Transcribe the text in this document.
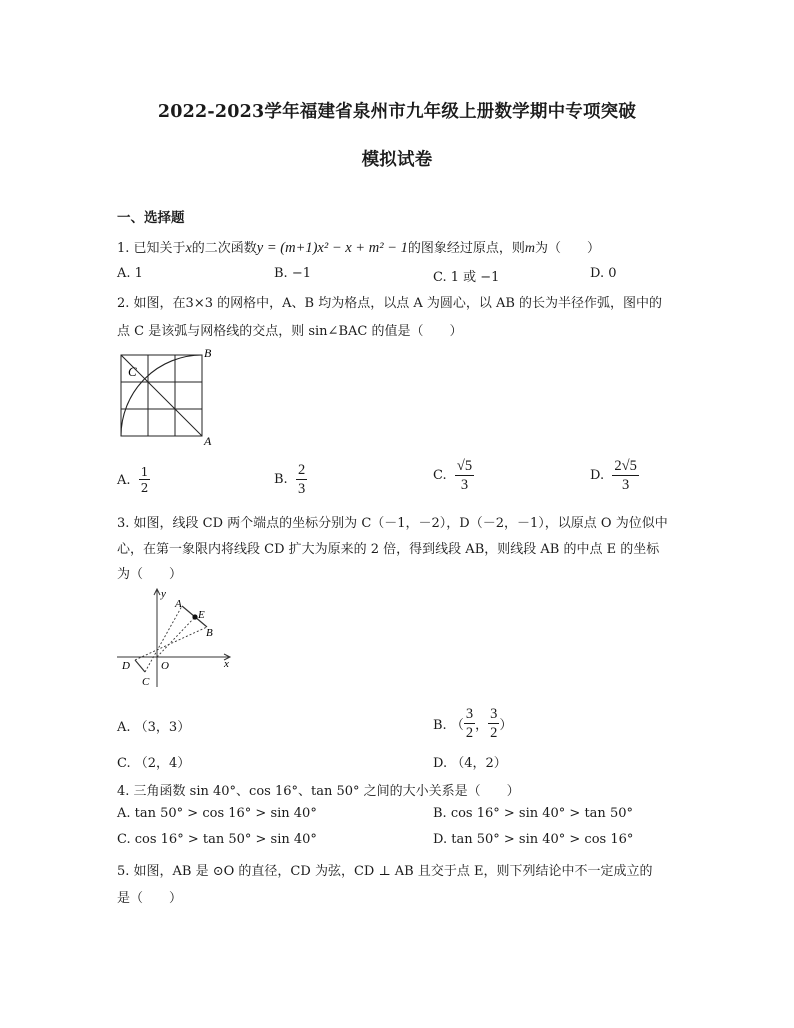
2022-2023学年福建省泉州市九年级上册数学期中专项突破
模拟试卷
一、选择题
1. 已知关于x的二次函数y = (m+1)x² − x + m² − 1的图象经过原点，则m为（　　）
A. 1	B. −1	C. 1 或 −1	D. 0
2. 如图，在3×3 的网格中，A、B 均为格点，以点 A 为圆心，以 AB 的长为半径作弧，图中的
点 C 是该弧与网格线的交点，则 sin∠BAC 的值是（　　）
C
B
A
A.
$\frac{1}{2}$	B.
$\frac{2}{3}$	C.
$\frac{√5}{3}$	D.
$\frac{2√5}{3}$
3. 如图，线段 CD 两个端点的坐标分别为 C（－1，－2），D（－2，－1），以原点 O 为位似中
心，在第一象限内将线段 CD 扩大为原来的 2 倍，得到线段 AB，则线段 AB 的中点 E 的坐标
为（　　）
y
x
O
A
E
B
D
C
A. （3，3）	B. （ $\frac{3}{2}$ ， $\frac{3}{2}$ ）
C. （2，4）	D. （4，2）
4. 三角函数 sin 40°、cos 16°、tan 50° 之间的大小关系是（　　）
A. tan 50° > cos 16° > sin 40°	B. cos 16° > sin 40° > tan 50°
C. cos 16° > tan 50° > sin 40°	D. tan 50° > sin 40° > cos 16°
5. 如图，AB 是 ⊙O 的直径，CD 为弦，CD ⊥ AB 且交于点 E，则下列结论中不一定成立的
是（　　）
